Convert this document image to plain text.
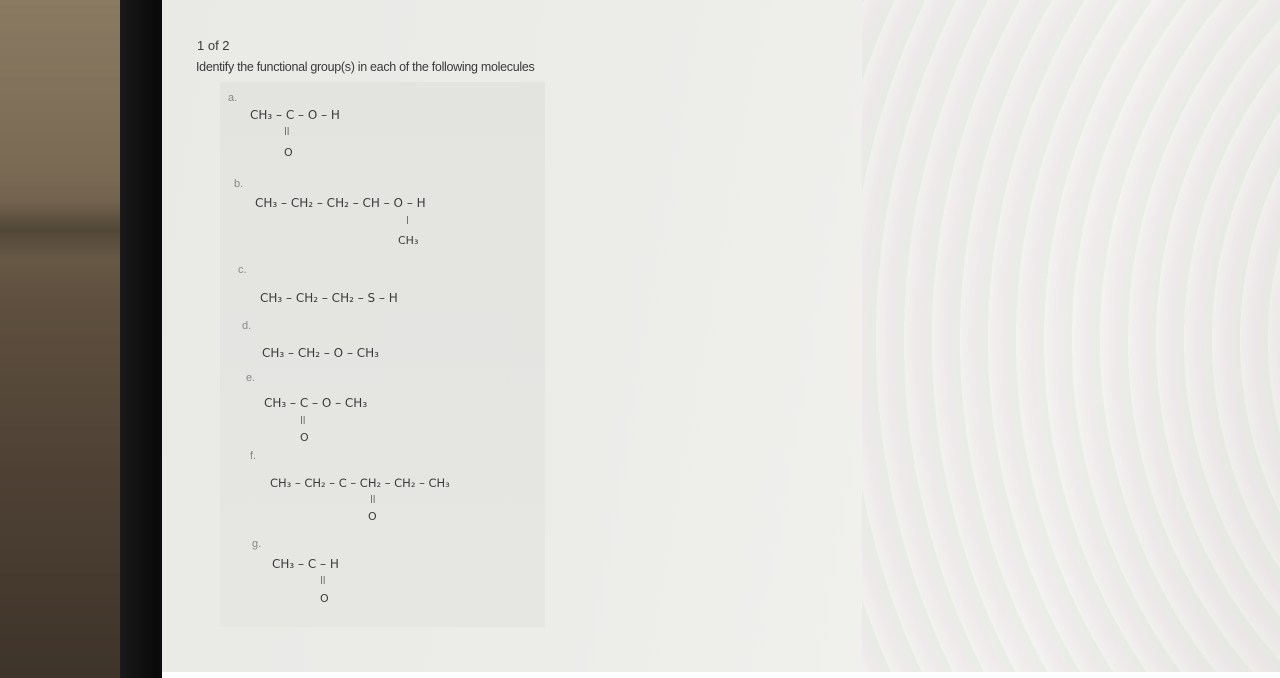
1 of 2
Identify the functional group(s) in each of the following molecules
a.
CH₃ – C – O – H
||
O
b.
CH₃ – CH₂ – CH₂ – CH – O – H
|
CH₃
c.
CH₃ – CH₂ – CH₂ – S – H
d.
CH₃ – CH₂ – O – CH₃
e.
CH₃ – C – O – CH₃
||
O
f.
CH₃ – CH₂ – C – CH₂ – CH₂ – CH₃
||
O
g.
CH₃ – C – H
||
O
